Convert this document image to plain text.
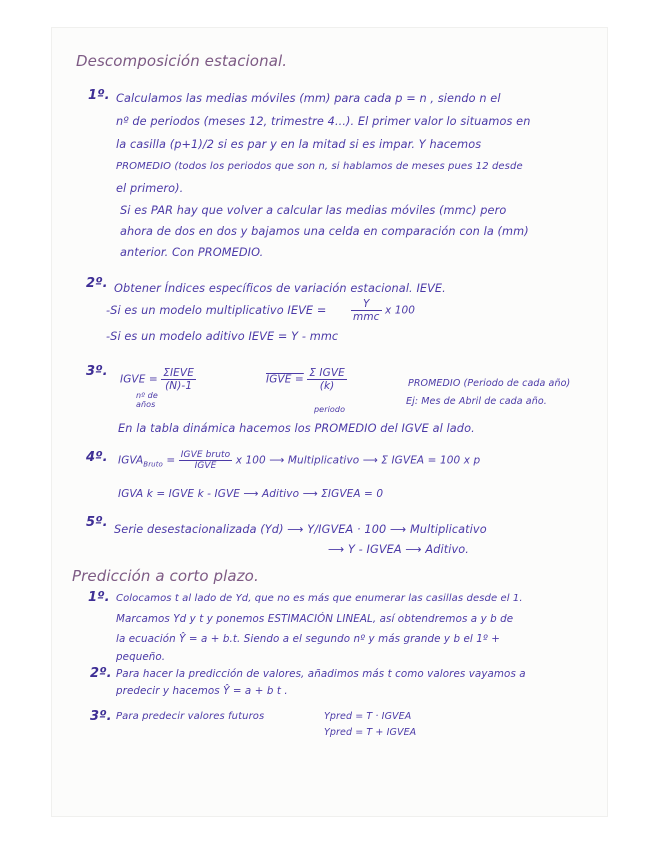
Descomposición estacional.
1º. Calculamos las medias móviles (mm) para cada p = n , siendo n el
nº de periodos (meses 12, trimestre 4...). El primer valor lo situamos en
la casilla (p+1)/2 si es par y en la mitad si es impar. Y hacemos
PROMEDIO (todos los periodos que son n, si hablamos de meses pues 12 desde
el primero).
Si es PAR hay que volver a calcular las medias móviles (mmc) pero
ahora de dos en dos y bajamos una celda en comparación con la (mm)
anterior. Con PROMEDIO.
2º. Obtener Índices específicos de variación estacional. IEVE.
-Si es un modelo multiplicativo IEVE = $\frac{Y}{\text{mmc}}$ x 100
-Si es un modelo aditivo IEVE = Y - mmc
3º.
IGVE = $\frac{\text{ΣIEVE}}{(N)-1}$
nº de años
IGVE = $\frac{\text{Σ IGVE}}{(k)}$
periodo
PROMEDIO (Periodo de cada año)
Ej: Mes de Abril de cada año.
En la tabla dinámica hacemos los PROMEDIO del IGVE al lado.
4º. $IGVA_{Bruto} = \frac{\text{IGVE bruto}}{\text{IGVE}}$ x 100 ⟶ Multiplicativo ⟶ Σ IGVEA = 100 x p
IGVA k = IGVE k - IGVE ⟶ Aditivo ⟶ ΣIGVEA = 0
5º. Serie desestacionalizada (Yd) ⟶ Y/IGVEA · 100 ⟶ Multiplicativo
⟶ Y - IGVEA ⟶ Aditivo.
Predicción a corto plazo.
1º. Colocamos t al lado de Yd, que no es más que enumerar las casillas desde el 1.
Marcamos Yd y t y ponemos ESTIMACIÓN LINEAL, así obtendremos a y b de
la ecuación Ŷ = a + b.t. Siendo a el segundo nº y más grande y b el 1º +
pequeño.
2º. Para hacer la predicción de valores, añadimos más t como valores vayamos a
predecir y hacemos Ŷ = a + b t .
3º. Para predecir valores futuros	Ypred = T · IGVEA
Ypred = T + IGVEA
